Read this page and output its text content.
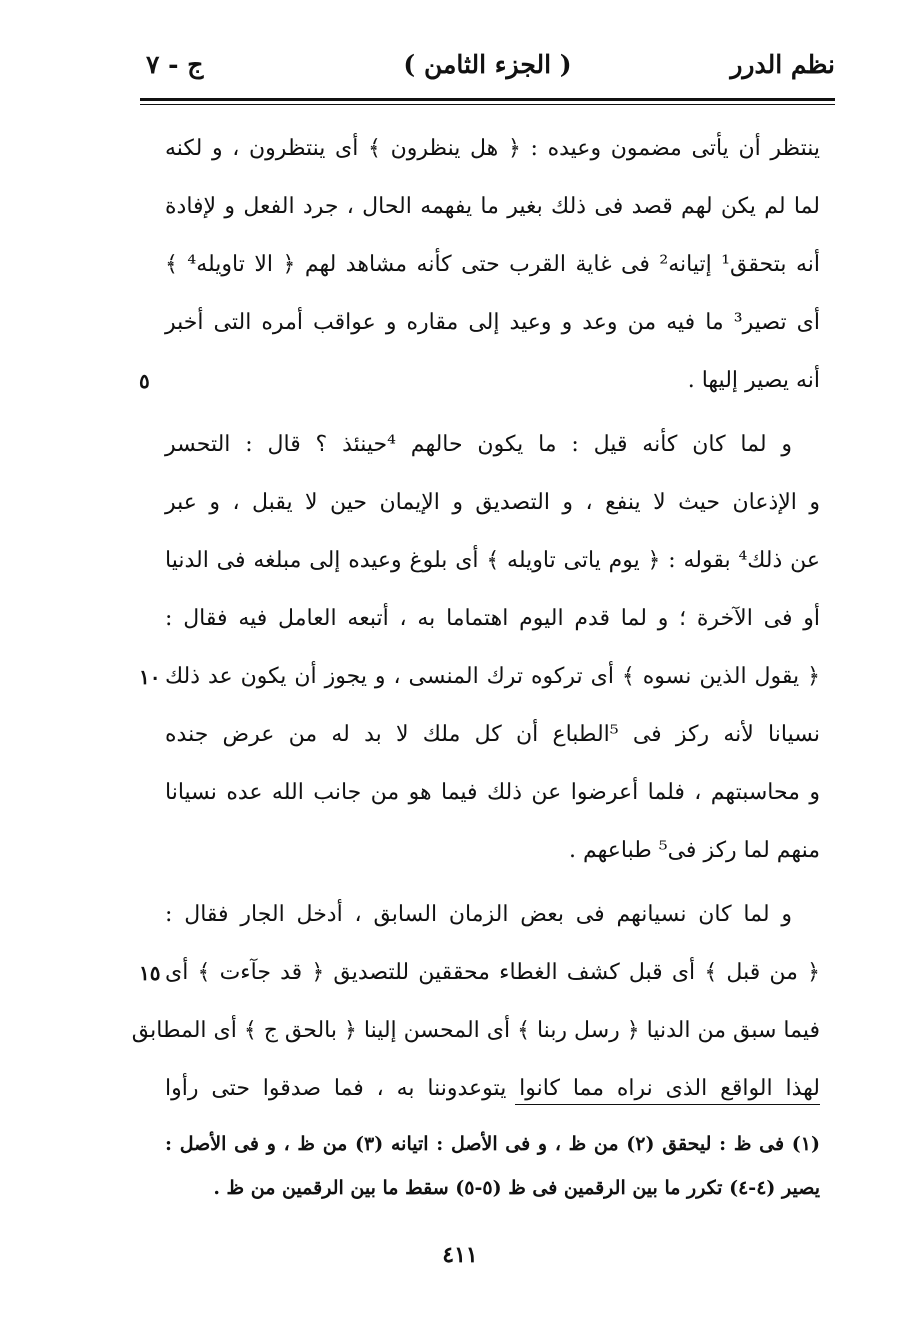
نظم الدرر
( الجزء الثامن )
ج - ٧
ينتظر أن يأتى مضمون وعيده : ﴿ هل ينظرون ﴾ أى ينتظرون ، و لكنه
لما لم يكن لهم قصد فى ذلك بغير ما يفهمه الحال ، جرد الفعل و لإفادة
أنه بتحقق¹ إتيانه² فى غاية القرب حتى كأنه مشاهد لهم ﴿ الا تاويله⁴ ﴾
أى تصير³ ما فيه من وعد و وعيد إلى مقاره و عواقب أمره التى أخبر
أنه يصير إليها .
٥
و لما كان كأنه قيل : ما يكون حالهم ⁴حينئذ ؟ قال : التحسر
و الإذعان حيث لا ينفع ، و التصديق و الإيمان حين لا يقبل ، و عبر
عن ذلك⁴ بقوله : ﴿ يوم ياتى تاويله ﴾ أى بلوغ وعيده إلى مبلغه فى الدنيا
أو فى الآخرة ؛ و لما قدم اليوم اهتماما به ، أتبعه العامل فيه فقال :
﴿ يقول الذين نسوه ﴾ أى تركوه ترك المنسى ، و يجوز أن يكون عد ذلك
١٠
نسيانا لأنه ركز فى ⁵الطباع أن كل ملك لا بد له من عرض جنده
و محاسبتهم ، فلما أعرضوا عن ذلك فيما هو من جانب الله عده نسيانا
منهم لما ركز فى⁵ طباعهم .
و لما كان نسيانهم فى بعض الزمان السابق ، أدخل الجار فقال :
﴿ من قبل ﴾ أى قبل كشف الغطاء محققين للتصديق ﴿ قد جآءت ﴾ أى
١٥
فيما سبق من الدنيا ﴿ رسل ربنا ﴾ أى المحسن إلينا ﴿ بالحق ج ﴾ أى المطابق
لهذا الواقع الذى نراه مما كانوا يتوعدوننا به ، فما صدقوا حتى رأوا
(١) فى ظ : ليحقق (٢) من ظ ، و فى الأصل : اتيانه (٣) من ظ ، و فى الأصل :
يصير (٤-٤) تكرر ما بين الرقمين فى ظ (٥-٥) سقط ما بين الرقمين من ظ .
٤١١
